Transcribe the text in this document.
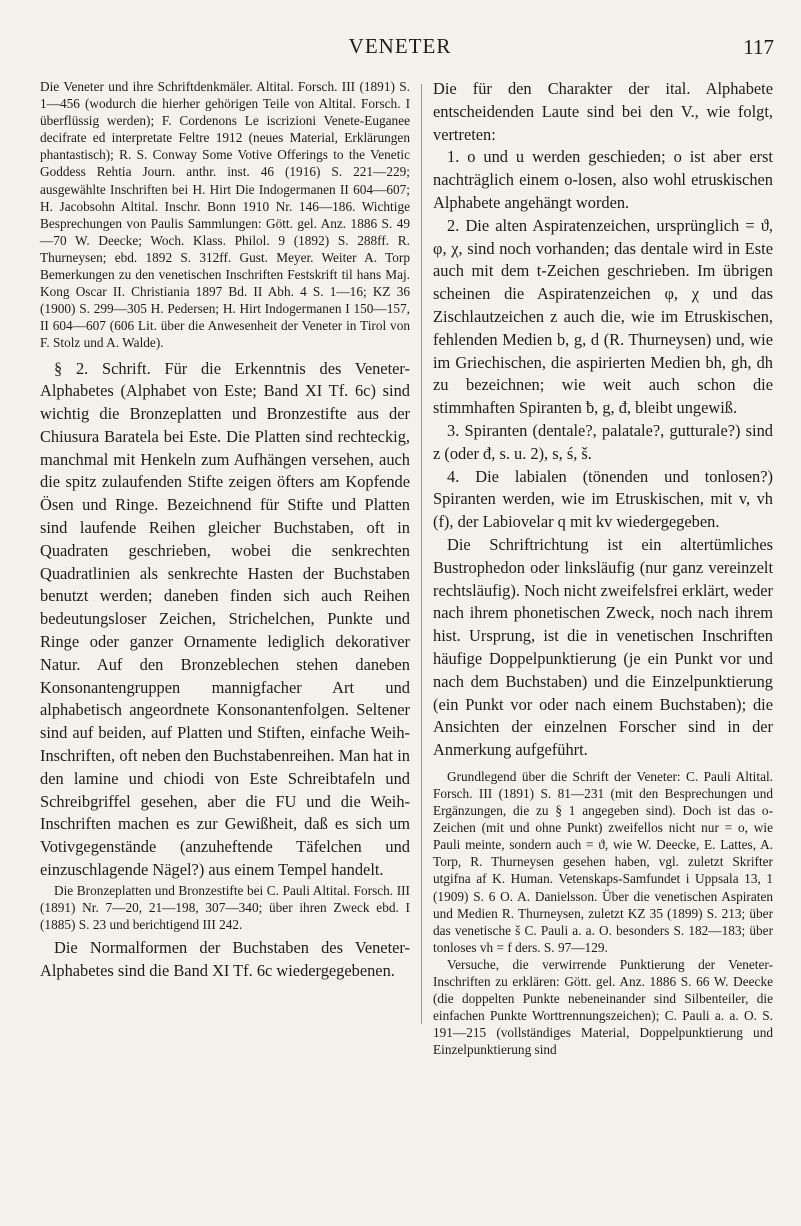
VENETER	117

Die Veneter und ihre Schriftdenkmäler. Altital. Forsch. III (1891) S. 1—456 (wodurch die hierher gehörigen Teile von Altital. Forsch. I überflüssig werden); F. Cordenons Le iscrizioni Venete-Euganee decifrate ed interpretate Feltre 1912 (neues Material, Erklärungen phantastisch); R. S. Conway Some Votive Offerings to the Venetic Goddess Rehtia Journ. anthr. inst. 46 (1916) S. 221—229; ausgewählte Inschriften bei H. Hirt Die Indogermanen II 604—607; H. Jacobsohn Altital. Inschr. Bonn 1910 Nr. 146—186. Wichtige Besprechungen von Paulis Sammlungen: Gött. gel. Anz. 1886 S. 49—70 W. Deecke; Woch. Klass. Philol. 9 (1892) S. 288ff. R. Thurneysen; ebd. 1892 S. 312ff. Gust. Meyer. Weiter A. Torp Bemerkungen zu den venetischen Inschriften Festskrift til hans Maj. Kong Oscar II. Christiania 1897 Bd. II Abh. 4 S. 1—16; KZ 36 (1900) S. 299—305 H. Pedersen; H. Hirt Indogermanen I 150—157, II 604—607 (606 Lit. über die Anwesenheit der Veneter in Tirol von F. Stolz und A. Walde).

§ 2. Schrift. Für die Erkenntnis des Veneter-Alphabetes (Alphabet von Este; Band XI Tf. 6c) sind wichtig die Bronzeplatten und Bronzestifte aus der Chiusura Baratela bei Este. Die Platten sind rechteckig, manchmal mit Henkeln zum Aufhängen versehen, auch die spitz zulaufenden Stifte zeigen öfters am Kopfende Ösen und Ringe. Bezeichnend für Stifte und Platten sind laufende Reihen gleicher Buchstaben, oft in Quadraten geschrieben, wobei die senkrechten Quadratlinien als senkrechte Hasten der Buchstaben benutzt werden; daneben finden sich auch Reihen bedeutungsloser Zeichen, Strichelchen, Punkte und Ringe oder ganzer Ornamente lediglich dekorativer Natur. Auf den Bronzeblechen stehen daneben Konsonantengruppen mannigfacher Art und alphabetisch angeordnete Konsonantenfolgen. Seltener sind auf beiden, auf Platten und Stiften, einfache Weih-Inschriften, oft neben den Buchstabenreihen. Man hat in den lamine und chiodi von Este Schreibtafeln und Schreibgriffel gesehen, aber die FU und die Weih-Inschriften machen es zur Gewißheit, daß es sich um Votivgegenstände (anzuheftende Täfelchen und einzuschlagende Nägel?) aus einem Tempel handelt.

Die Bronzeplatten und Bronzestifte bei C. Pauli Altital. Forsch. III (1891) Nr. 7—20, 21—198, 307—340; über ihren Zweck ebd. I (1885) S. 23 und berichtigend III 242.

Die Normalformen der Buchstaben des Veneter-Alphabetes sind die Band XI Tf. 6c wiedergegebenen.

Die für den Charakter der ital. Alphabete entscheidenden Laute sind bei den V., wie folgt, vertreten:

1. o und u werden geschieden; o ist aber erst nachträglich einem o-losen, also wohl etruskischen Alphabete angehängt worden.

2. Die alten Aspiratenzeichen, ursprünglich = ϑ, φ, χ, sind noch vorhanden; das dentale wird in Este auch mit dem t-Zeichen geschrieben. Im übrigen scheinen die Aspiratenzeichen φ, χ und das Zischlautzeichen z auch die, wie im Etruskischen, fehlenden Medien b, g, d (R. Thurneysen) und, wie im Griechischen, die aspirierten Medien bh, gh, dh zu bezeichnen; wie weit auch schon die stimmhaften Spiranten ƀ, g, đ, bleibt ungewiß.

3. Spiranten (dentale?, palatale?, gutturale?) sind z (oder đ, s. u. 2), s, ś, š.

4. Die labialen (tönenden und tonlosen?) Spiranten werden, wie im Etruskischen, mit v, vh (f), der Labiovelar q mit kv wiedergegeben.

Die Schriftrichtung ist ein altertümliches Bustrophedon oder linksläufig (nur ganz vereinzelt rechtsläufig). Noch nicht zweifelsfrei erklärt, weder nach ihrem phonetischen Zweck, noch nach ihrem hist. Ursprung, ist die in venetischen Inschriften häufige Doppelpunktierung (je ein Punkt vor und nach dem Buchstaben) und die Einzelpunktierung (ein Punkt vor oder nach einem Buchstaben); die Ansichten der einzelnen Forscher sind in der Anmerkung aufgeführt.

Grundlegend über die Schrift der Veneter: C. Pauli Altital. Forsch. III (1891) S. 81—231 (mit den Besprechungen und Ergänzungen, die zu § 1 angegeben sind). Doch ist das o-Zeichen (mit und ohne Punkt) zweifellos nicht nur = o, wie Pauli meinte, sondern auch = ϑ, wie W. Deecke, E. Lattes, A. Torp, R. Thurneysen gesehen haben, vgl. zuletzt Skrifter utgifna af K. Human. Vetenskaps-Samfundet i Uppsala 13, 1 (1909) S. 6 O. A. Danielsson. Über die venetischen Aspiraten und Medien R. Thurneysen, zuletzt KZ 35 (1899) S. 213; über das venetische š C. Pauli a. a. O. besonders S. 182—183; über tonloses vh = f ders. S. 97—129.

Versuche, die verwirrende Punktierung der Veneter-Inschriften zu erklären: Gött. gel. Anz. 1886 S. 66 W. Deecke (die doppelten Punkte nebeneinander sind Silbenteiler, die einfachen Punkte Worttrennungszeichen); C. Pauli a. a. O. S. 191—215 (vollständiges Material, Doppelpunktierung und Einzelpunktierung sind
